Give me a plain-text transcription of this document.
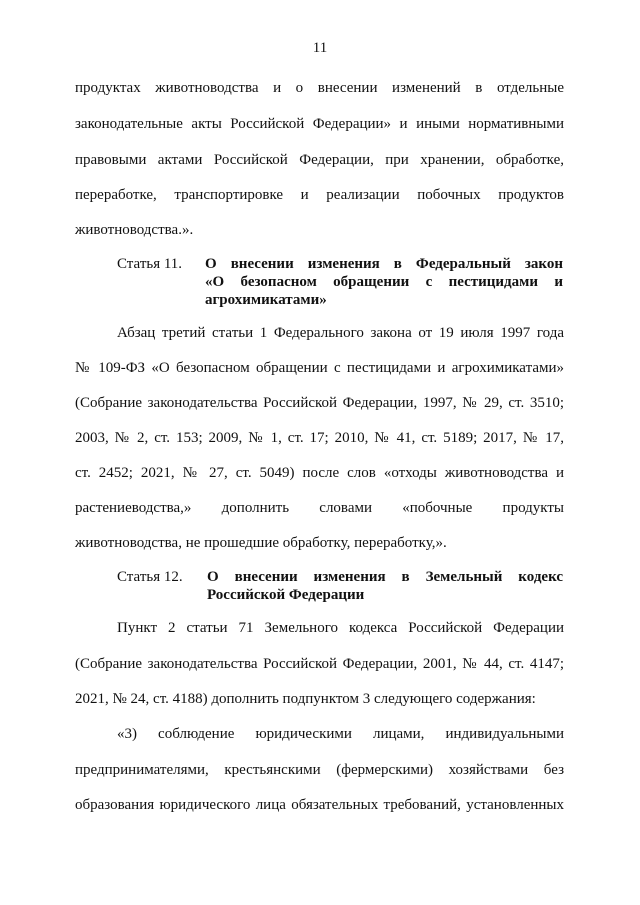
11
продуктах животноводства и о внесении изменений в отдельные
законодательные акты Российской Федерации» и иными нормативными
правовыми актами Российской Федерации, при хранении, обработке,
переработке, транспортировке и реализации побочных продуктов
животноводства.».
Статья 11. О внесении изменения в Федеральный закон
«О безопасном обращении с пестицидами и
агрохимикатами»
Абзац третий статьи 1 Федерального закона от 19 июля 1997 года
№ 109-ФЗ «О безопасном обращении с пестицидами и агрохимикатами»
(Собрание законодательства Российской Федерации, 1997, № 29, ст. 3510;
2003, № 2, ст. 153; 2009, № 1, ст. 17; 2010, № 41, ст. 5189; 2017, № 17,
ст. 2452; 2021, № 27, ст. 5049) после слов «отходы животноводства и
растениеводства,» дополнить словами «побочные продукты
животноводства, не прошедшие обработку, переработку,».
Статья 12. О внесении изменения в Земельный кодекс
Российской Федерации
Пункт 2 статьи 71 Земельного кодекса Российской Федерации
(Собрание законодательства Российской Федерации, 2001, № 44, ст. 4147;
2021, № 24, ст. 4188) дополнить подпунктом 3 следующего содержания:
«3) соблюдение юридическими лицами, индивидуальными
предпринимателями, крестьянскими (фермерскими) хозяйствами без
образования юридического лица обязательных требований, установленных
